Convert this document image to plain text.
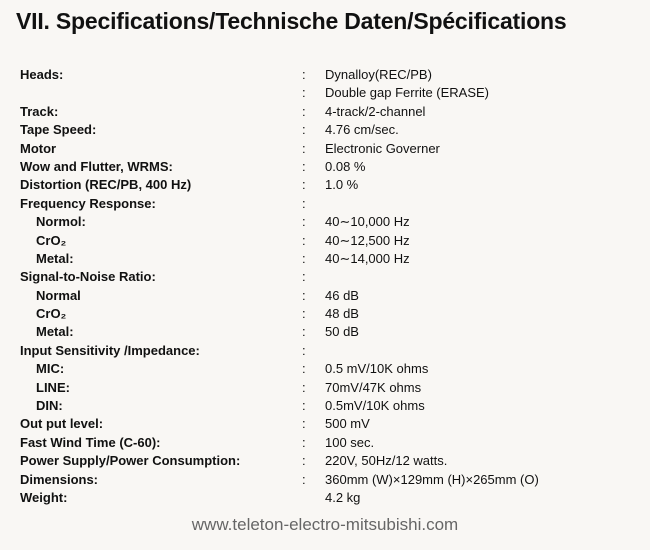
VII. Specifications/Technische Daten/Spécifications
Heads:	: Dynalloy(REC/PB)
: Double gap Ferrite (ERASE)
Track:	: 4-track/2-channel
Tape Speed:	: 4.76 cm/sec.
Motor	: Electronic Governer
Wow and Flutter, WRMS:	: 0.08 %
Distortion (REC/PB, 400 Hz)	: 1.0 %
Frequency Response:	:
Normol:	: 40∼10,000 Hz
CrO₂	: 40∼12,500 Hz
Metal:	: 40∼14,000 Hz
Signal-to-Noise Ratio:	:
Normal	: 46 dB
CrO₂	: 48 dB
Metal:	: 50 dB
Input Sensitivity /Impedance:	:
MIC:	: 0.5 mV/10K ohms
LINE:	: 70mV/47K ohms
DIN:	: 0.5mV/10K ohms
Out put level:	: 500 mV
Fast Wind Time (C-60):	: 100 sec.
Power Supply/Power Consumption:	: 220V, 50Hz/12 watts.
Dimensions:	: 360mm (W)×129mm (H)×265mm (O)
Weight:	4.2 kg
www.teleton-electro-mitsubishi.com
